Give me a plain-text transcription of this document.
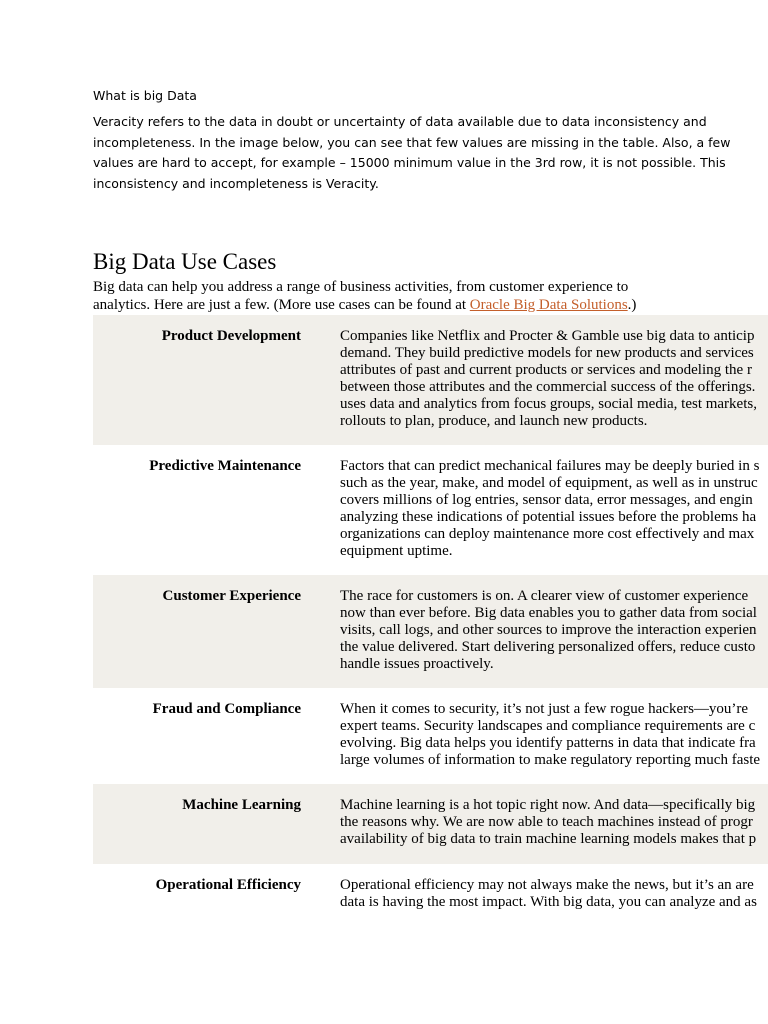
What is big Data

Veracity refers to the data in doubt or uncertainty of data available due to data inconsistency and
incompleteness. In the image below, you can see that few values are missing in the table. Also, a few
values are hard to accept, for example – 15000 minimum value in the 3rd row, it is not possible. This
inconsistency and incompleteness is Veracity.
Big Data Use Cases
Big data can help you address a range of business activities, from customer experience to
analytics. Here are just a few. (More use cases can be found at Oracle Big Data Solutions.)
Product Development	Companies like Netflix and Procter & Gamble use big data to anticip
demand. They build predictive models for new products and services
attributes of past and current products or services and modeling the r
between those attributes and the commercial success of the offerings.
uses data and analytics from focus groups, social media, test markets,
rollouts to plan, produce, and launch new products.
Predictive Maintenance	Factors that can predict mechanical failures may be deeply buried in s
such as the year, make, and model of equipment, as well as in unstruc
covers millions of log entries, sensor data, error messages, and engin
analyzing these indications of potential issues before the problems ha
organizations can deploy maintenance more cost effectively and max
equipment uptime.
Customer Experience	The race for customers is on. A clearer view of customer experience
now than ever before. Big data enables you to gather data from social
visits, call logs, and other sources to improve the interaction experien
the value delivered. Start delivering personalized offers, reduce custo
handle issues proactively.
Fraud and Compliance	When it comes to security, it’s not just a few rogue hackers—you’re
expert teams. Security landscapes and compliance requirements are c
evolving. Big data helps you identify patterns in data that indicate fra
large volumes of information to make regulatory reporting much faste
Machine Learning	Machine learning is a hot topic right now. And data—specifically big
the reasons why. We are now able to teach machines instead of progr
availability of big data to train machine learning models makes that p
Operational Efficiency	Operational efficiency may not always make the news, but it’s an are
data is having the most impact. With big data, you can analyze and as
